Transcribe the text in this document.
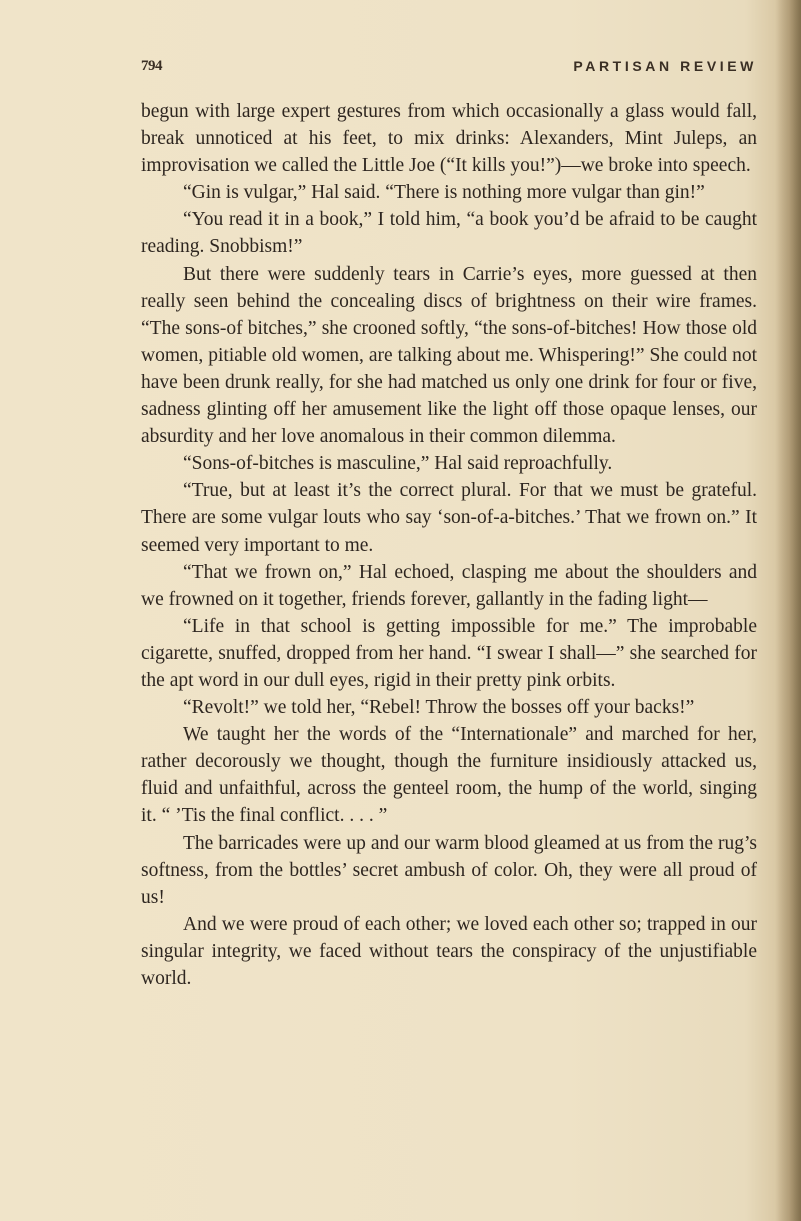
794	PARTISAN REVIEW

begun with large expert gestures from which occasionally a glass would fall, break unnoticed at his feet, to mix drinks: Alexanders, Mint Juleps, an improvisation we called the Little Joe (“It kills you!”)—we broke into speech.

“Gin is vulgar,” Hal said. “There is nothing more vulgar than gin!”

“You read it in a book,” I told him, “a book you’d be afraid to be caught reading. Snobbism!”

But there were suddenly tears in Carrie’s eyes, more guessed at then really seen behind the concealing discs of brightness on their wire frames. “The sons-of bitches,” she crooned softly, “the sons-of-bitches! How those old women, pitiable old women, are talking about me. Whispering!” She could not have been drunk really, for she had matched us only one drink for four or five, sadness glinting off her amusement like the light off those opaque lenses, our absurdity and her love anomalous in their common dilemma.

“Sons-of-bitches is masculine,” Hal said reproachfully.

“True, but at least it’s the correct plural. For that we must be grateful. There are some vulgar louts who say ‘son-of-a-bitches.’ That we frown on.” It seemed very important to me.

“That we frown on,” Hal echoed, clasping me about the shoulders and we frowned on it together, friends forever, gallantly in the fading light—

“Life in that school is getting impossible for me.” The improbable cigarette, snuffed, dropped from her hand. “I swear I shall—” she searched for the apt word in our dull eyes, rigid in their pretty pink orbits.

“Revolt!” we told her, “Rebel! Throw the bosses off your backs!”

We taught her the words of the “Internationale” and marched for her, rather decorously we thought, though the furniture insidiously attacked us, fluid and unfaithful, across the genteel room, the hump of the world, singing it. “ ’Tis the final conflict. . . . ”

The barricades were up and our warm blood gleamed at us from the rug’s softness, from the bottles’ secret ambush of color. Oh, they were all proud of us!

And we were proud of each other; we loved each other so; trapped in our singular integrity, we faced without tears the conspiracy of the unjustifiable world.
